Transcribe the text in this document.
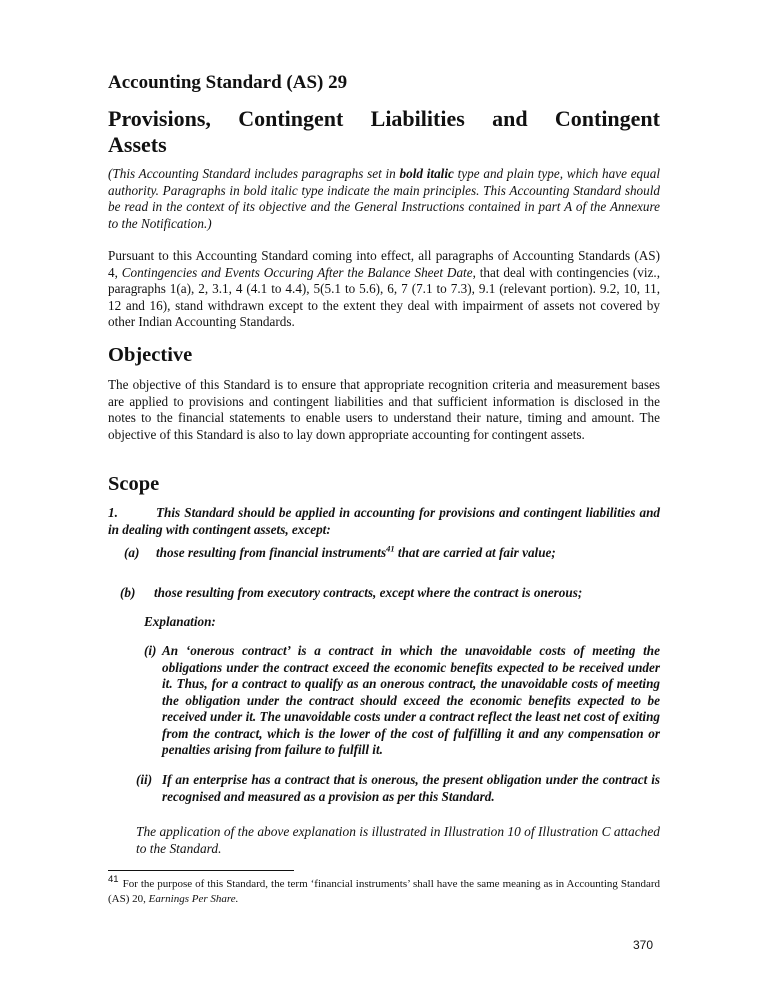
Accounting Standard (AS) 29
Provisions, Contingent Liabilities and Contingent
Assets
(This Accounting Standard includes paragraphs set in bold italic type and plain type, which have equal authority. Paragraphs in bold italic type indicate the main principles. This Accounting Standard should be read in the context of its objective and the General Instructions contained in part A of the Annexure to the Notification.)
Pursuant to this Accounting Standard coming into effect, all paragraphs of Accounting Standards (AS) 4, Contingencies and Events Occuring After the Balance Sheet Date, that deal with contingencies (viz., paragraphs 1(a), 2, 3.1, 4 (4.1 to 4.4), 5(5.1 to 5.6), 6, 7 (7.1 to 7.3), 9.1 (relevant portion). 9.2, 10, 11, 12 and 16), stand withdrawn except to the extent they deal with impairment of assets not covered by other Indian Accounting Standards.
Objective
The objective of this Standard is to ensure that appropriate recognition criteria and measurement bases are applied to provisions and contingent liabilities and that sufficient information is disclosed in the notes to the financial statements to enable users to understand their nature, timing and amount. The objective of this Standard is also to lay down appropriate accounting for contingent assets.
Scope
1.	This Standard should be applied in accounting for provisions and contingent liabilities and in dealing with contingent assets, except:
(a) those resulting from financial instruments$^{41}$ that are carried at fair value;
(b) those resulting from executory contracts, except where the contract is onerous;
Explanation:
(i) An ‘onerous contract’ is a contract in which the unavoidable costs of meeting the obligations under the contract exceed the economic benefits expected to be received under it. Thus, for a contract to qualify as an onerous contract, the unavoidable costs of meeting the obligation under the contract should exceed the economic benefits expected to be received under it. The unavoidable costs under a contract reflect the least net cost of exiting from the contract, which is the lower of the cost of fulfilling it and any compensation or penalties arising from failure to fulfill it.
(ii) If an enterprise has a contract that is onerous, the present obligation under the contract is recognised and measured as a provision as per this Standard.
The application of the above explanation is illustrated in Illustration 10 of Illustration C attached to the Standard.
41 For the purpose of this Standard, the term ‘financial instruments’ shall have the same meaning as in Accounting Standard (AS) 20, Earnings Per Share.
370
